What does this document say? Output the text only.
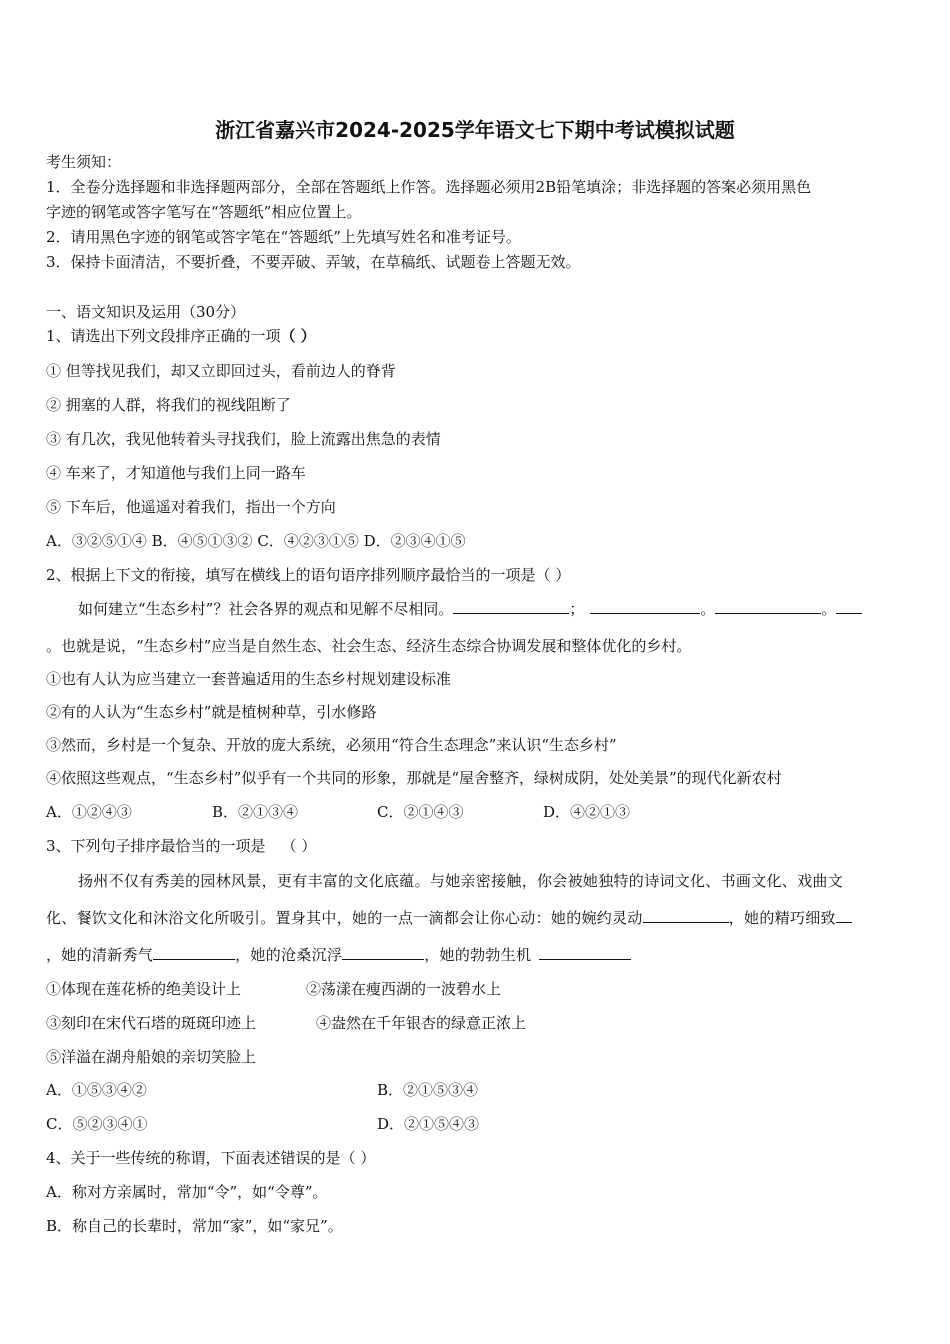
浙江省嘉兴市2024-2025学年语文七下期中考试模拟试题
考生须知：
1．全卷分选择题和非选择题两部分，全部在答题纸上作答。选择题必须用2B铅笔填涂；非选择题的答案必须用黑色
字迹的钢笔或答字笔写在“答题纸”相应位置上。
2．请用黑色字迹的钢笔或答字笔在“答题纸”上先填写姓名和准考证号。
3．保持卡面清洁，不要折叠，不要弄破、弄皱，在草稿纸、试题卷上答题无效。
一、语文知识及运用（30分）
1、请选出下列文段排序正确的一项（ ）
① 但等找见我们，却又立即回过头，看前边人的脊背
② 拥塞的人群，将我们的视线阻断了
③ 有几次，我见他转着头寻找我们，脸上流露出焦急的表情
④ 车来了，才知道他与我们上同一路车
⑤ 下车后，他遥遥对着我们，指出一个方向
A．③②⑤①④ B．④⑤①③② C．④②③①⑤ D．②③④①⑤
2、根据上下文的衔接，填写在横线上的语句语序排列顺序最恰当的一项是（ ）
如何建立“生态乡村”？社会各界的观点和见解不尽相同。	；	。	。
。也就是说，“生态乡村”应当是自然生态、社会生态、经济生态综合协调发展和整体优化的乡村。
①也有人认为应当建立一套普遍适用的生态乡村规划建设标准
②有的人认为“生态乡村”就是植树种草，引水修路
③然而，乡村是一个复杂、开放的庞大系统，必须用“符合生态理念”来认识“生态乡村”
④依照这些观点，“生态乡村”似乎有一个共同的形象，那就是“屋舍整齐，绿树成阴，处处美景”的现代化新农村
A．①②④③	B．②①③④	C．②①④③	D．④②①③
3、下列句子排序最恰当的一项是 （ ）
扬州不仅有秀美的园林风景，更有丰富的文化底蕴。与她亲密接触，你会被她独特的诗词文化、书画文化、戏曲文
化、餐饮文化和沐浴文化所吸引。置身其中，她的一点一滴都会让你心动：她的婉约灵动	，她的精巧细致
，她的清新秀气	，她的沧桑沉浮	，她的勃勃生机
①体现在莲花桥的绝美设计上	②荡漾在瘦西湖的一波碧水上
③刻印在宋代石塔的斑斑印迹上	④盎然在千年银杏的绿意正浓上
⑤洋溢在湖舟船娘的亲切笑脸上
A．①⑤③④②	B．②①⑤③④
C．⑤②③④①	D．②①⑤④③
4、关于一些传统的称谓，下面表述错误的是（ ）
A．称对方亲属时，常加“令”，如“令尊”。
B．称自己的长辈时，常加“家”，如“家兄”。
